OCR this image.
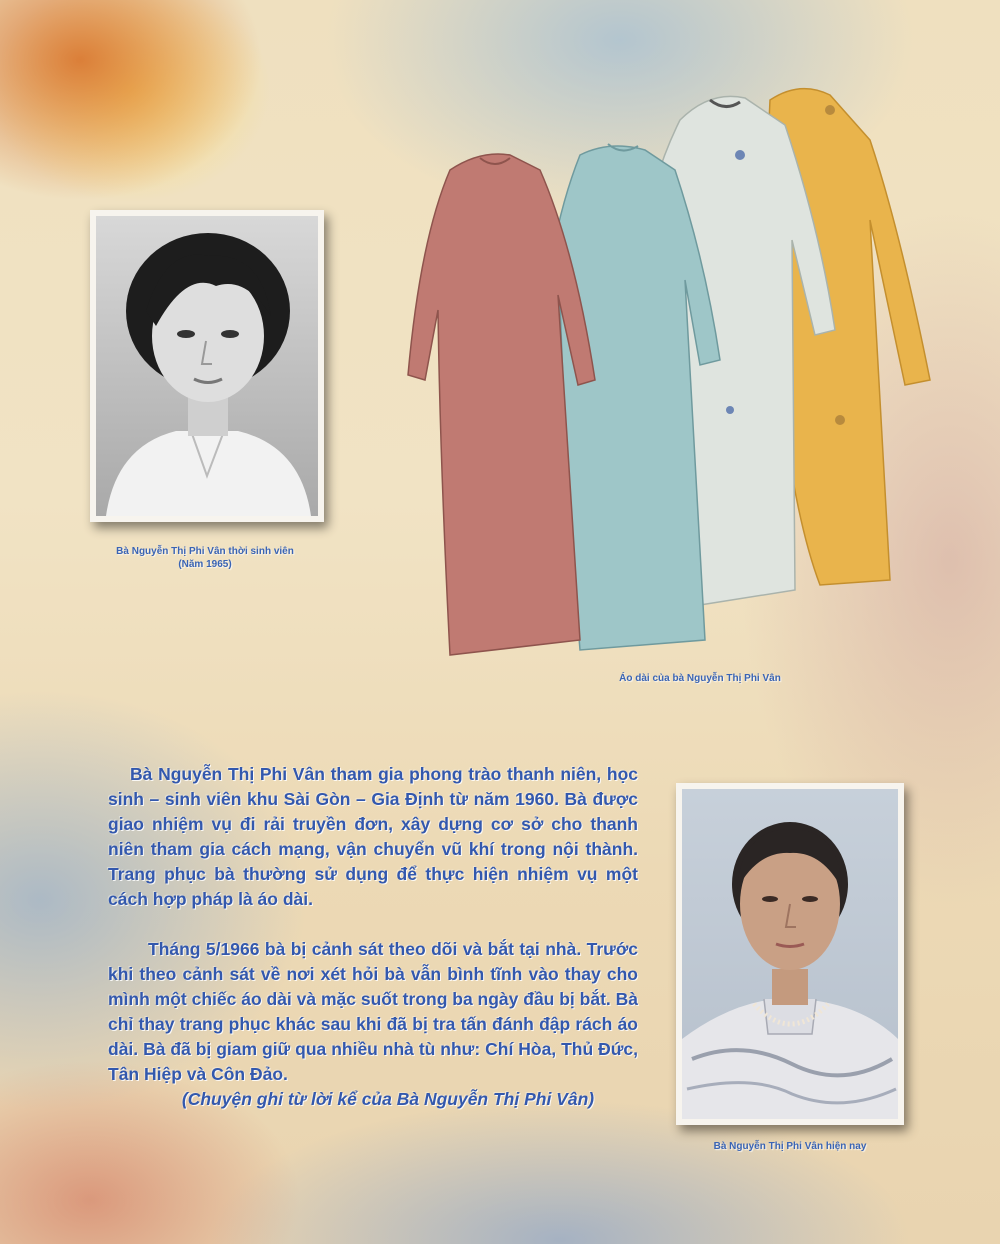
Bà Nguyễn Thị Phi Vân thời sinh viên
(Năm 1965)
Áo dài của bà Nguyễn Thị Phi Vân

Bà Nguyễn Thị Phi Vân tham gia phong trào thanh niên, học sinh – sinh viên khu Sài Gòn – Gia Định từ năm 1960. Bà được giao nhiệm vụ đi rải truyền đơn, xây dựng cơ sở cho thanh niên tham gia cách mạng, vận chuyển vũ khí trong nội thành. Trang phục bà thường sử dụng để thực hiện nhiệm vụ một cách hợp pháp là áo dài.

Tháng 5/1966 bà bị cảnh sát theo dõi và bắt tại nhà. Trước khi theo cảnh sát về nơi xét hỏi bà vẫn bình tĩnh vào thay cho mình một chiếc áo dài và mặc suốt trong ba ngày đầu bị bắt. Bà chỉ thay trang phục khác sau khi đã bị tra tấn đánh đập rách áo dài. Bà đã bị giam giữ qua nhiều nhà tù như: Chí Hòa, Thủ Đức, Tân Hiệp và Côn Đảo.

(Chuyện ghi từ lời kể của Bà Nguyễn Thị Phi Vân)

Bà Nguyễn Thị Phi Vân hiện nay
